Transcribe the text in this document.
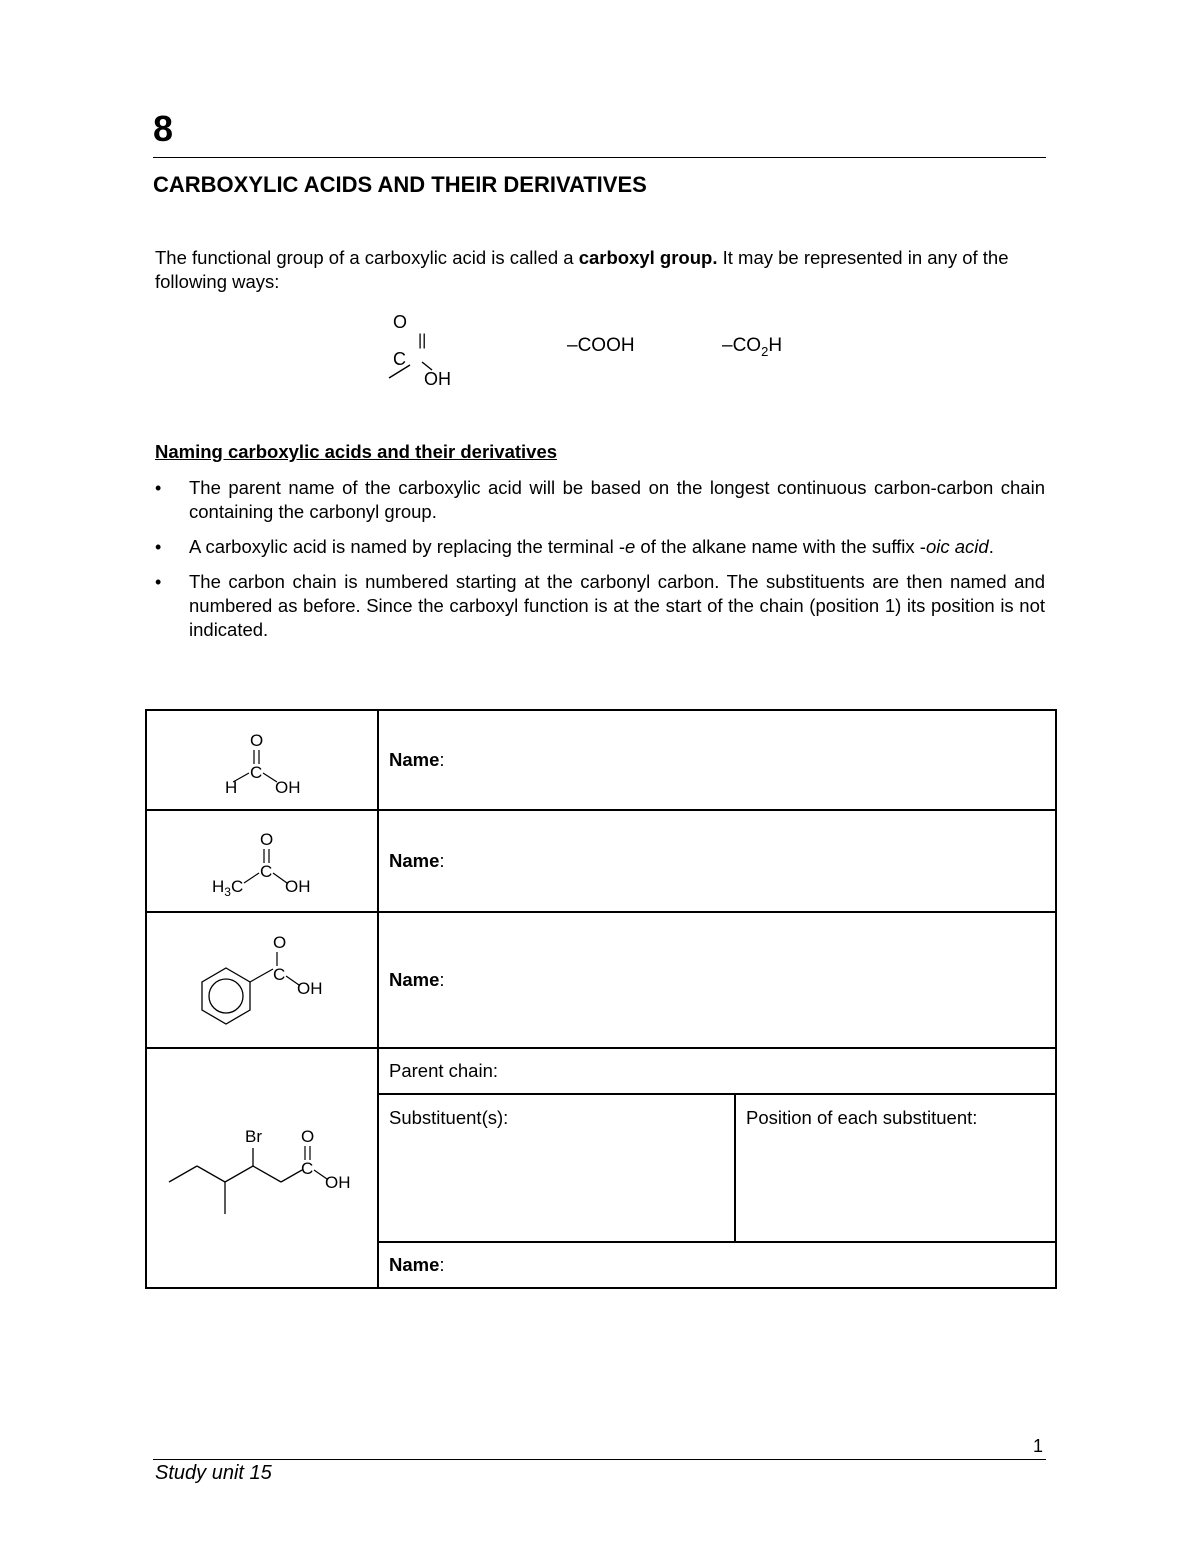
8
CARBOXYLIC ACIDS AND THEIR DERIVATIVES
The functional group of a carboxylic acid is called a carboxyl group. It may be represented in any of the following ways:
O
||
C
OH
–COOH	$-CO_2H$
Naming carboxylic acids and their derivatives
• The parent name of the carboxylic acid will be based on the longest continuous carbon-carbon chain containing the carbonyl group.
• A carboxylic acid is named by replacing the terminal -e of the alkane name with the suffix -oic acid.
• The carbon chain is numbered starting at the carbonyl carbon. The substituents are then named and numbered as before. Since the carboxyl function is at the start of the chain (position 1) its position is not indicated.
O
C
H OH	Name:	

O
C
$H_3C$ OH	Name:	

O
C
OH	Name:	

Br O
C
OH	Parent chain:	
	Substituent(s):	Position of each substituent:
	Name:	
1
Study unit 15
